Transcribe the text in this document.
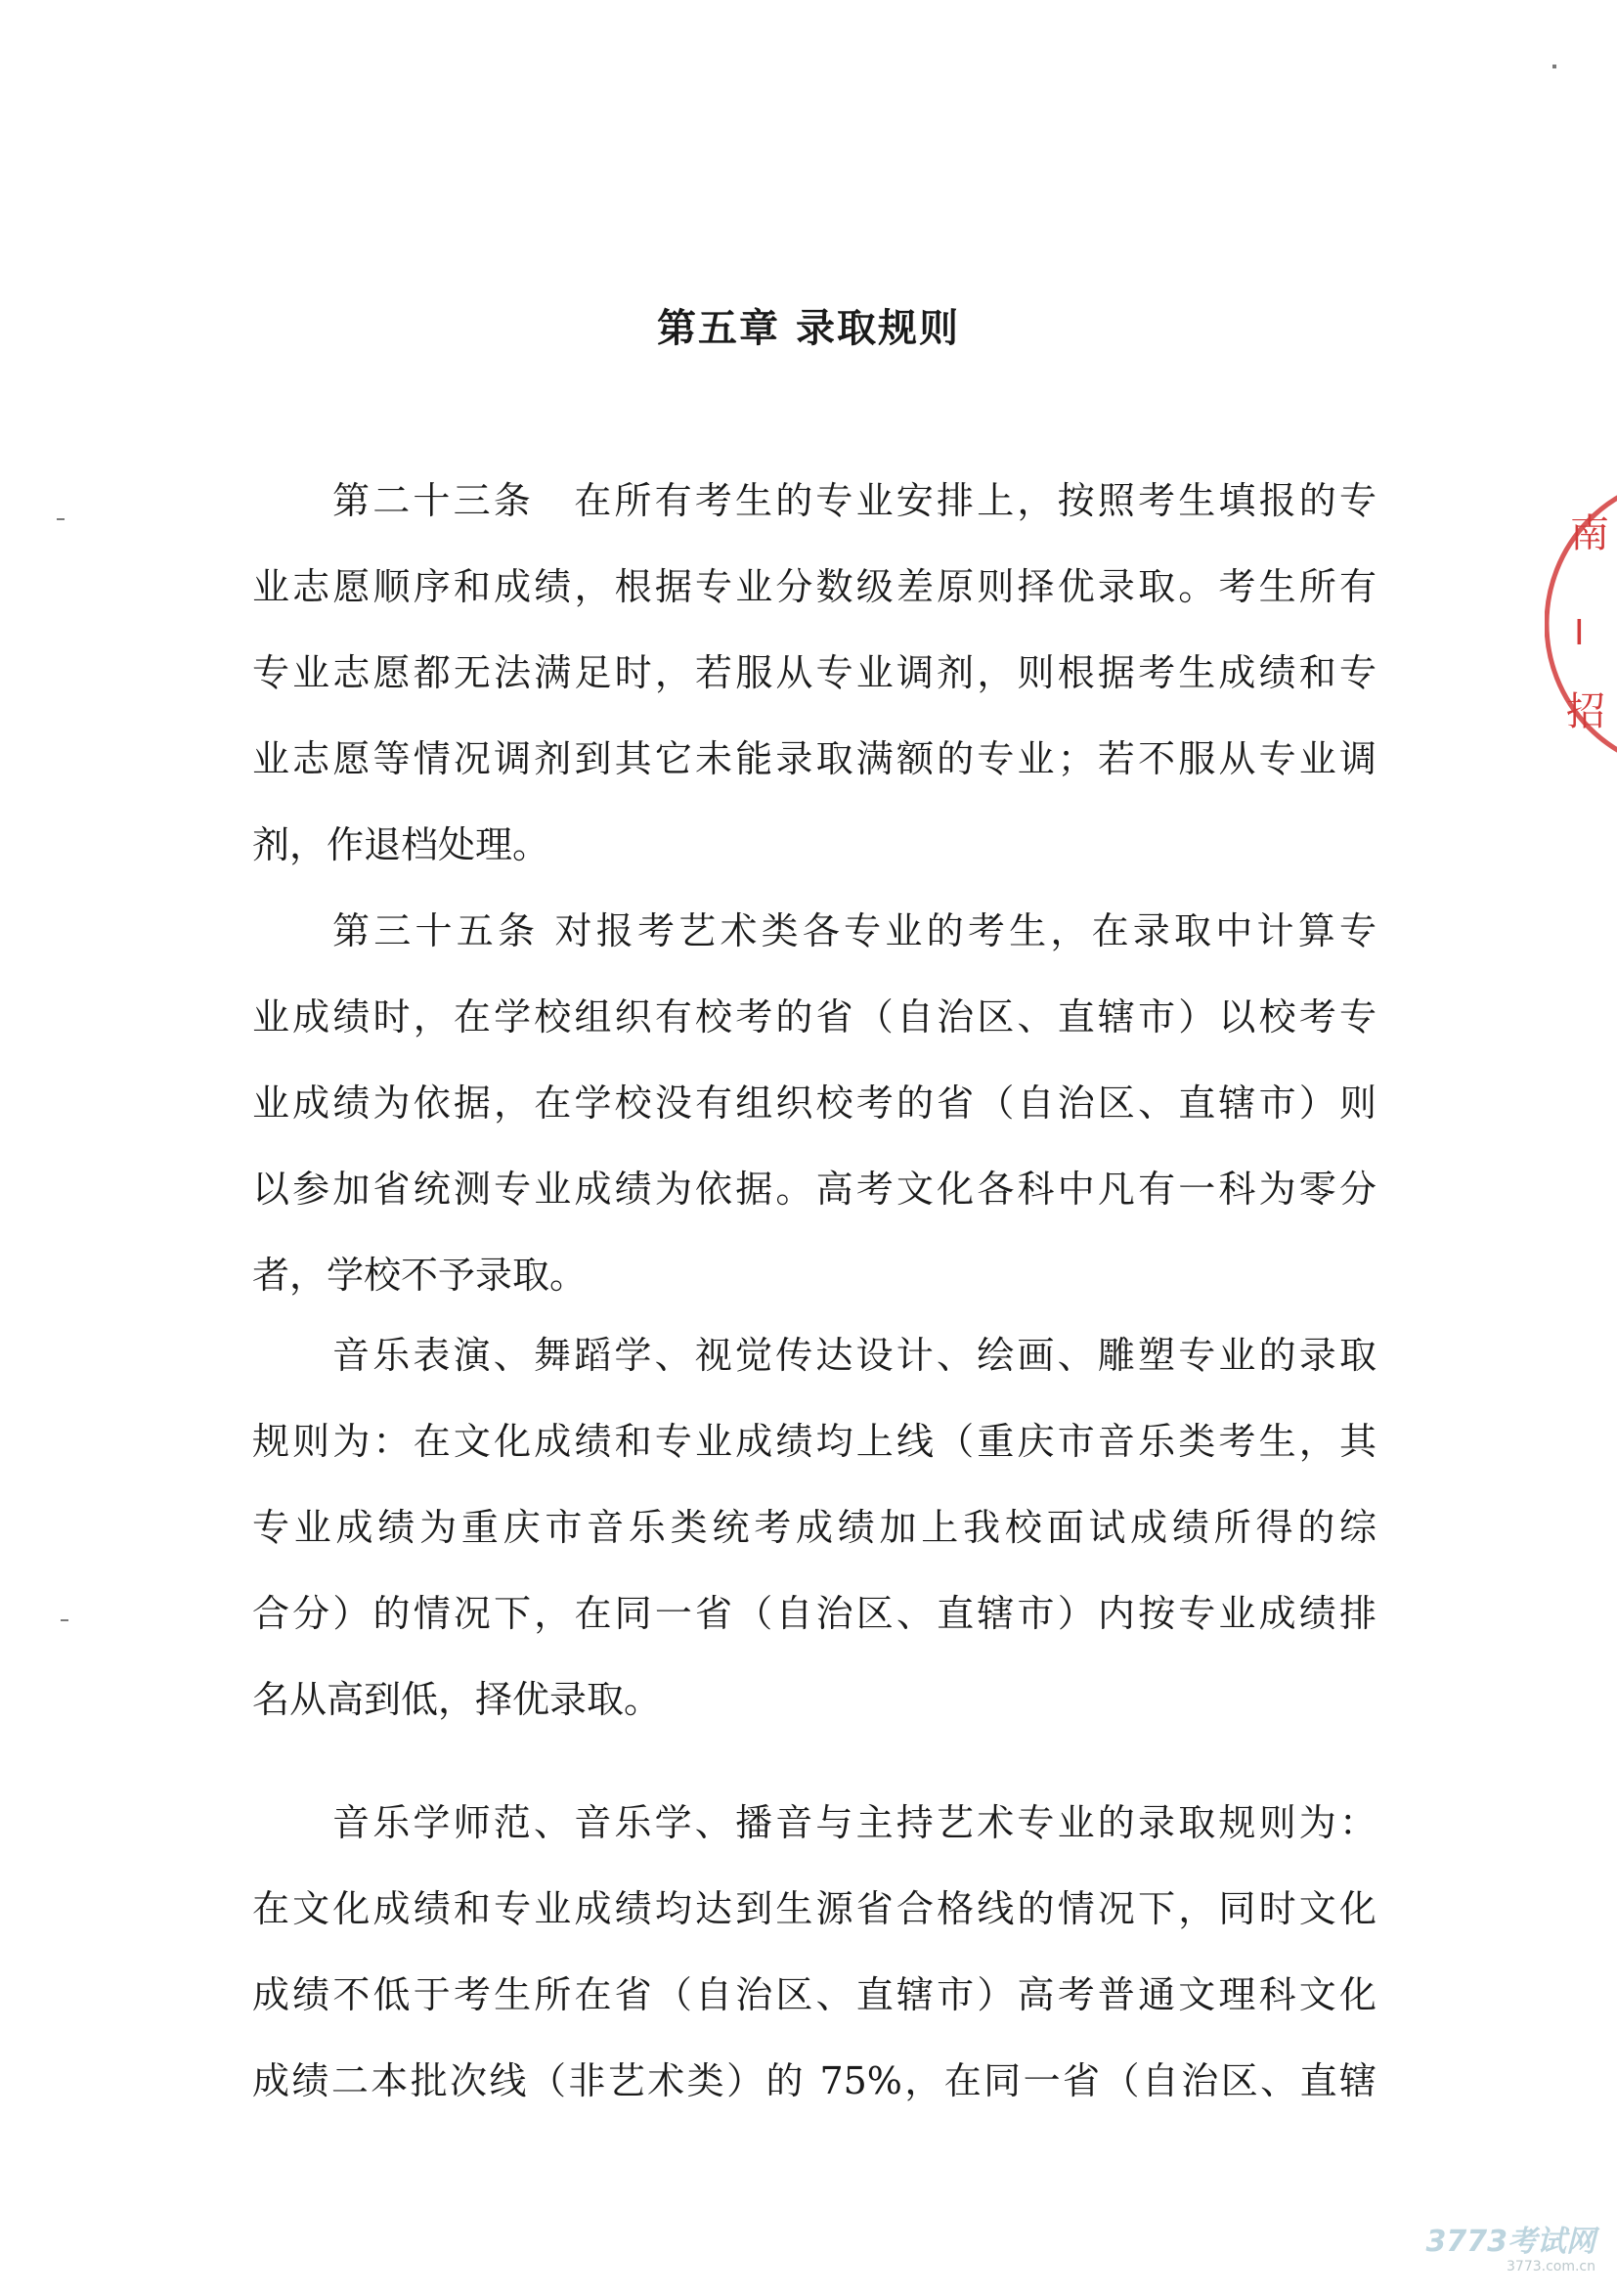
第五章 录取规则
第二十三条　在所有考生的专业安排上，按照考生填报的专
业志愿顺序和成绩，根据专业分数级差原则择优录取。考生所有
专业志愿都无法满足时，若服从专业调剂，则根据考生成绩和专
业志愿等情况调剂到其它未能录取满额的专业；若不服从专业调
剂，作退档处理。
第三十五条 对报考艺术类各专业的考生，在录取中计算专
业成绩时，在学校组织有校考的省（自治区、直辖市）以校考专
业成绩为依据，在学校没有组织校考的省（自治区、直辖市）则
以参加省统测专业成绩为依据。高考文化各科中凡有一科为零分
者，学校不予录取。
音乐表演、舞蹈学、视觉传达设计、绘画、雕塑专业的录取
规则为：在文化成绩和专业成绩均上线（重庆市音乐类考生，其
专业成绩为重庆市音乐类统考成绩加上我校面试成绩所得的综
合分）的情况下，在同一省（自治区、直辖市）内按专业成绩排
名从高到低，择优录取。
音乐学师范、音乐学、播音与主持艺术专业的录取规则为：
在文化成绩和专业成绩均达到生源省合格线的情况下，同时文化
成绩不低于考生所在省（自治区、直辖市）高考普通文理科文化
成绩二本批次线（非艺术类）的 75%，在同一省（自治区、直辖
南
I
招
3773考试网
3773.com.cn
